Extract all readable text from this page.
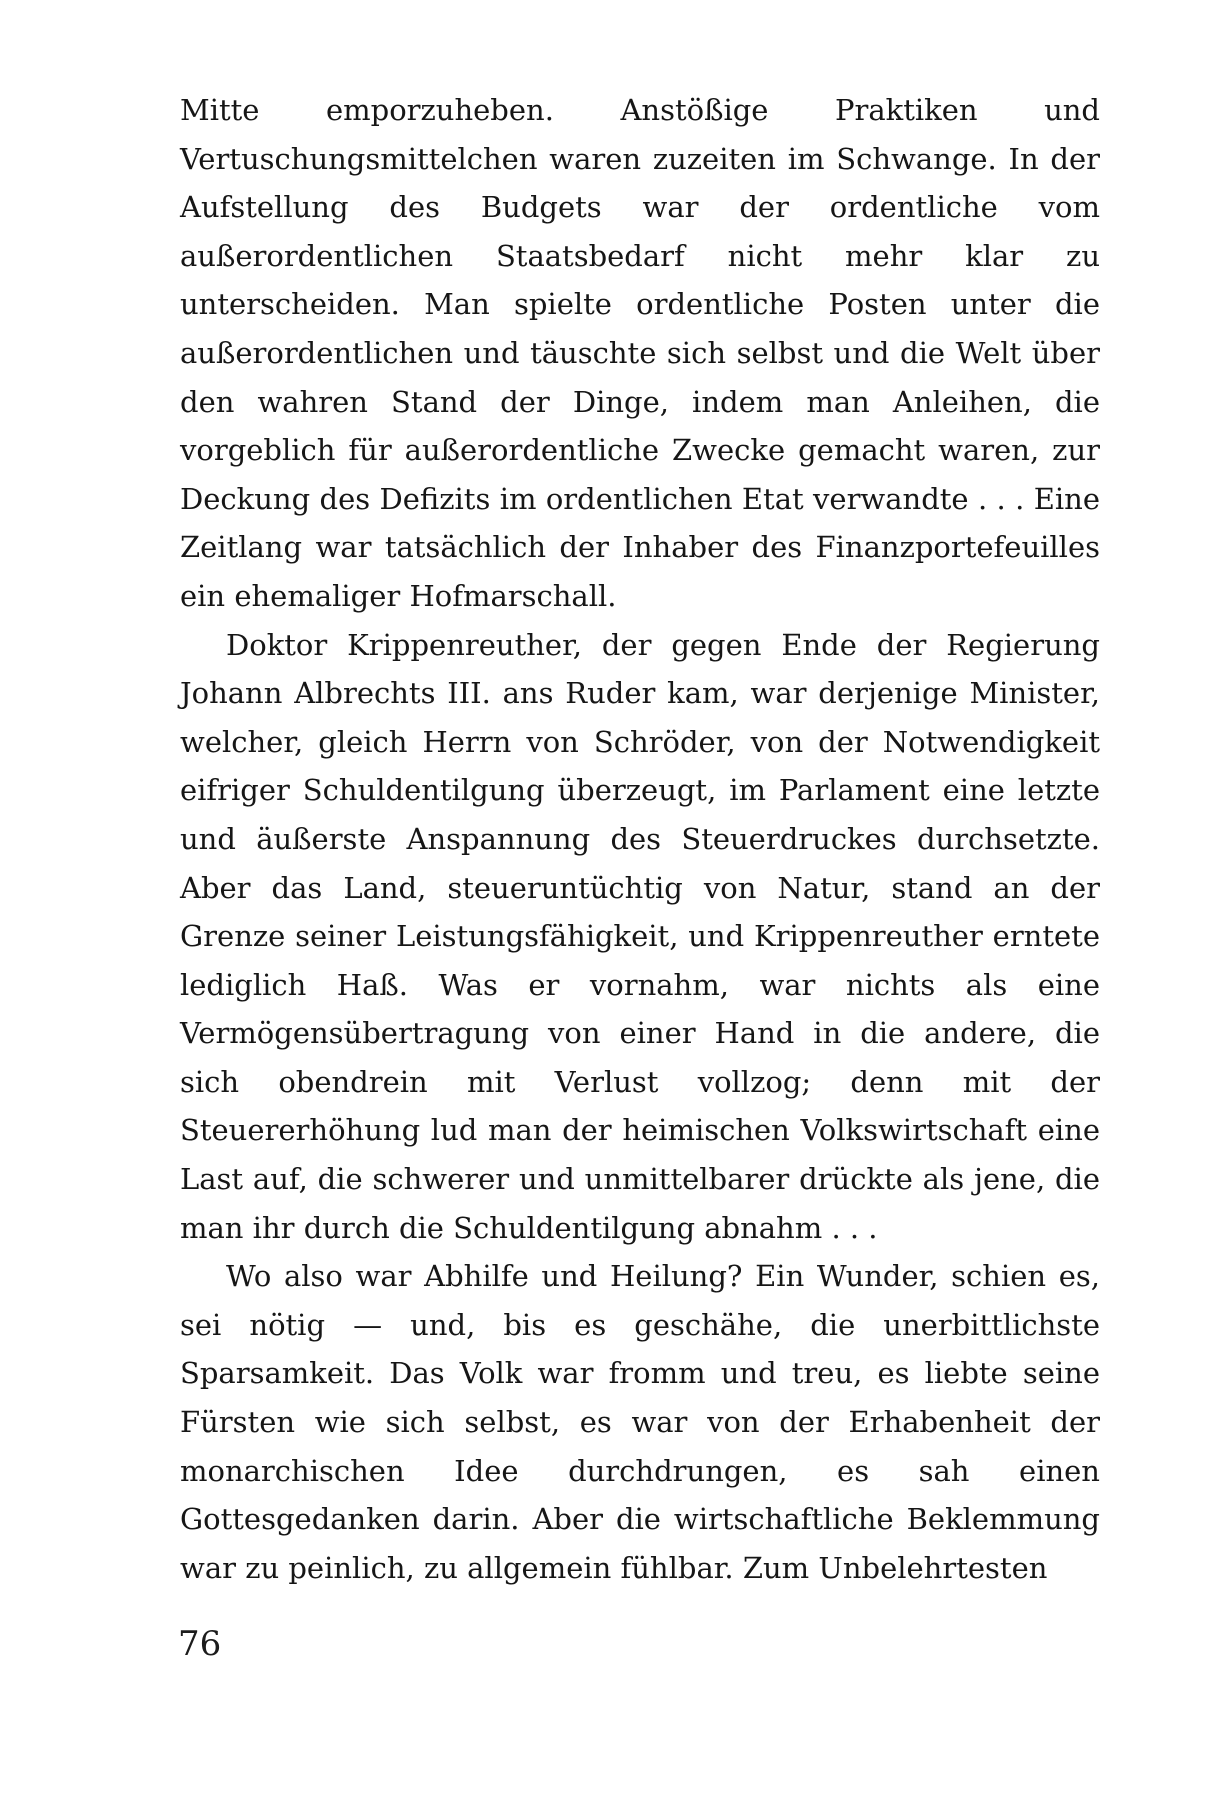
Mitte emporzuheben. Anstößige Praktiken und Vertuschungsmittelchen waren zuzeiten im Schwange. In der Aufstellung des Budgets war der ordentliche vom außerordentlichen Staatsbedarf nicht mehr klar zu unterscheiden. Man spielte ordentliche Posten unter die außerordentlichen und täuschte sich selbst und die Welt über den wahren Stand der Dinge, indem man Anleihen, die vorgeblich für außerordentliche Zwecke gemacht waren, zur Deckung des Defizits im ordentlichen Etat verwandte . . . Eine Zeitlang war tatsächlich der Inhaber des Finanzportefeuilles ein ehemaliger Hofmarschall.

Doktor Krippenreuther, der gegen Ende der Regierung Johann Albrechts III. ans Ruder kam, war derjenige Minister, welcher, gleich Herrn von Schröder, von der Notwendigkeit eifriger Schuldentilgung überzeugt, im Parlament eine letzte und äußerste Anspannung des Steuerdruckes durchsetzte. Aber das Land, steueruntüchtig von Natur, stand an der Grenze seiner Leistungsfähigkeit, und Krippenreuther erntete lediglich Haß. Was er vornahm, war nichts als eine Vermögensübertragung von einer Hand in die andere, die sich obendrein mit Verlust vollzog; denn mit der Steuererhöhung lud man der heimischen Volkswirtschaft eine Last auf, die schwerer und unmittelbarer drückte als jene, die man ihr durch die Schuldentilgung abnahm . . .

Wo also war Abhilfe und Heilung? Ein Wunder, schien es, sei nötig — und, bis es geschähe, die unerbittlichste Sparsamkeit. Das Volk war fromm und treu, es liebte seine Fürsten wie sich selbst, es war von der Erhabenheit der monarchischen Idee durchdrungen, es sah einen Gottesgedanken darin. Aber die wirtschaftliche Beklemmung war zu peinlich, zu allgemein fühlbar. Zum Unbelehrtesten

76
